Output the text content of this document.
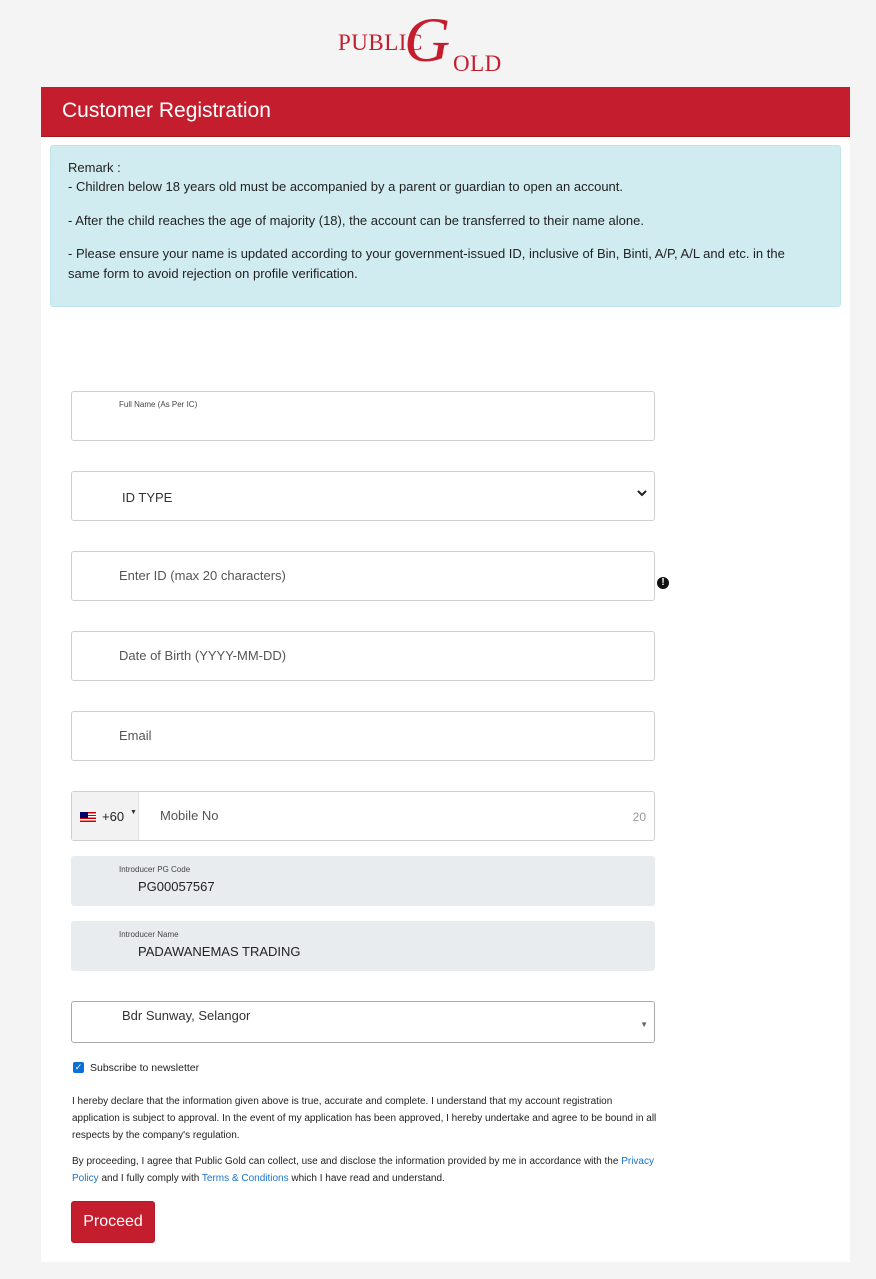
PUBLIC
G OLD
Customer Registration

Remark :

- Children below 18 years old must be accompanied by a parent or guardian to open an account.

- After the child reaches the age of majority (18), the account can be transferred to their name alone.

- Please ensure your name is updated according to your government-issued ID, inclusive of Bin, Binti, A/P, A/L and etc. in the same form to avoid rejection on profile verification.

Full Name (As Per IC)
ID TYPE
Enter ID (max 20 characters)	!
Date of Birth (YYYY-MM-DD)
Email
+60 ▼ Mobile No	20
Introducer PG Code
PG00057567
Introducer Name
PADAWANEMAS TRADING
Bdr Sunway, Selangor
▼
✓ Subscribe to newsletter

I hereby declare that the information given above is true, accurate and complete. I understand that my account registration application is subject to approval. In the event of my application has been approved, I hereby undertake and agree to be bound in all respects by the company's regulation.

By proceeding, I agree that Public Gold can collect, use and disclose the information provided by me in accordance with the Privacy Policy and I fully comply with Terms & Conditions which I have read and understand.

Proceed
